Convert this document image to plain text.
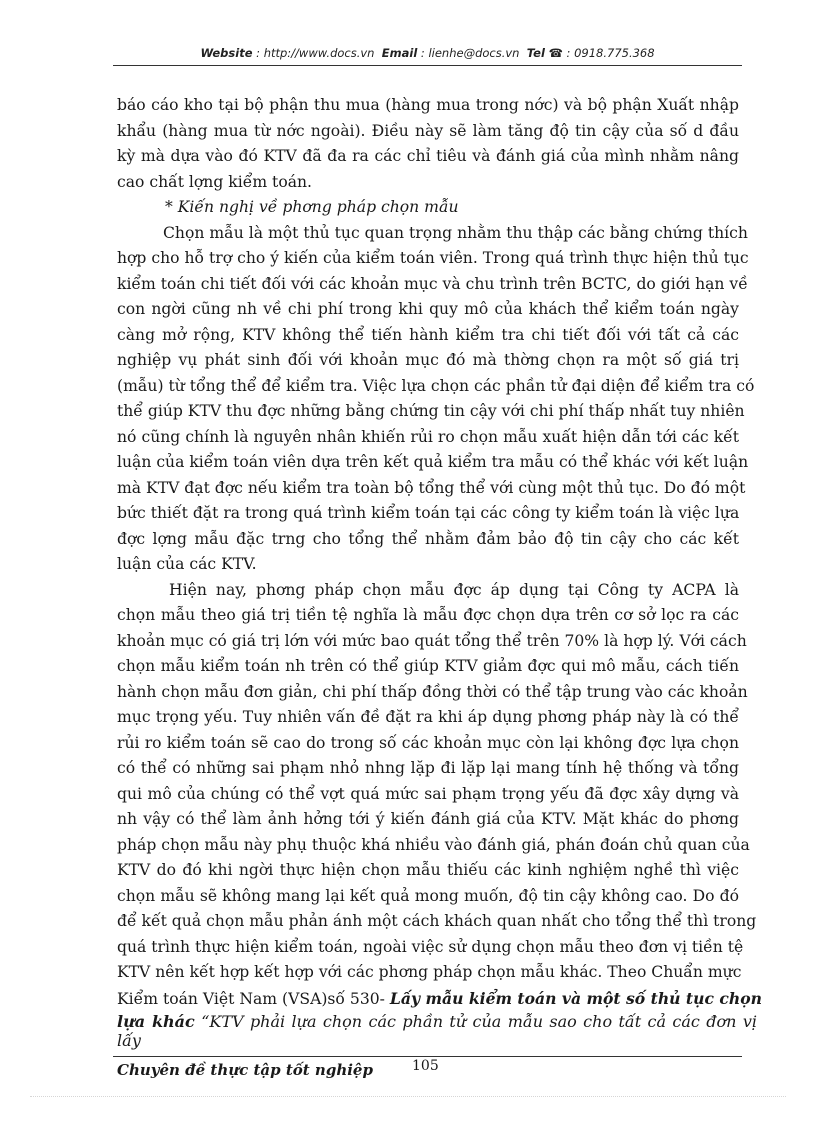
Website : http://www.docs.vn Email : lienhe@docs.vn Tel ☎ : 0918.775.368
báo cáo kho tại bộ phận thu mua (hàng mua trong nớc) và bộ phận Xuất nhập
khẩu (hàng mua từ nớc ngoài). Điều này sẽ làm tăng độ tin cậy của số d đầu
kỳ mà dựa vào đó KTV đã đa ra các chỉ tiêu và đánh giá của mình nhằm nâng
cao chất lợng kiểm toán.
* Kiến nghị về phơng pháp chọn mẫu
Chọn mẫu là một thủ tục quan trọng nhằm thu thập các bằng chứng thích
hợp cho hỗ trợ cho ý kiến của kiểm toán viên. Trong quá trình thực hiện thủ tục
kiểm toán chi tiết đối với các khoản mục và chu trình trên BCTC, do giới hạn về
con ngời cũng nh về chi phí trong khi quy mô của khách thể kiểm toán ngày
càng mở rộng, KTV không thể tiến hành kiểm tra chi tiết đối với tất cả các
nghiệp vụ phát sinh đối với khoản mục đó mà thờng chọn ra một số giá trị
(mẫu) từ tổng thể để kiểm tra. Việc lựa chọn các phần tử đại diện để kiểm tra có
thể giúp KTV thu đợc những bằng chứng tin cậy với chi phí thấp nhất tuy nhiên
nó cũng chính là nguyên nhân khiến rủi ro chọn mẫu xuất hiện dẫn tới các kết
luận của kiểm toán viên dựa trên kết quả kiểm tra mẫu có thể khác với kết luận
mà KTV đạt đợc nếu kiểm tra toàn bộ tổng thể với cùng một thủ tục. Do đó một
bức thiết đặt ra trong quá trình kiểm toán tại các công ty kiểm toán là việc lựa
đợc lợng mẫu đặc trng cho tổng thể nhằm đảm bảo độ tin cậy cho các kết
luận của các KTV.
Hiện nay, phơng pháp chọn mẫu đợc áp dụng tại Công ty ACPA là
chọn mẫu theo giá trị tiền tệ nghĩa là mẫu đợc chọn dựa trên cơ sở lọc ra các
khoản mục có giá trị lớn với mức bao quát tổng thể trên 70% là hợp lý. Với cách
chọn mẫu kiểm toán nh trên có thể giúp KTV giảm đợc qui mô mẫu, cách tiến
hành chọn mẫu đơn giản, chi phí thấp đồng thời có thể tập trung vào các khoản
mục trọng yếu. Tuy nhiên vấn đề đặt ra khi áp dụng phơng pháp này là có thể
rủi ro kiểm toán sẽ cao do trong số các khoản mục còn lại không đợc lựa chọn
có thể có những sai phạm nhỏ nhng lặp đi lặp lại mang tính hệ thống và tổng
qui mô của chúng có thể vợt quá mức sai phạm trọng yếu đã đợc xây dựng và
nh vậy có thể làm ảnh hởng tới ý kiến đánh giá của KTV. Mặt khác do phơng
pháp chọn mẫu này phụ thuộc khá nhiều vào đánh giá, phán đoán chủ quan của
KTV do đó khi ngời thực hiện chọn mẫu thiếu các kinh nghiệm nghề thì việc
chọn mẫu sẽ không mang lại kết quả mong muốn, độ tin cậy không cao. Do đó
để kết quả chọn mẫu phản ánh một cách khách quan nhất cho tổng thể thì trong
quá trình thực hiện kiểm toán, ngoài việc sử dụng chọn mẫu theo đơn vị tiền tệ
KTV nên kết hợp kết hợp với các phơng pháp chọn mẫu khác. Theo Chuẩn mực
Kiểm toán Việt Nam (VSA)số 530- Lấy mẫu kiểm toán và một số thủ tục chọn
lựa khác “KTV phải lựa chọn các phần tử của mẫu sao cho tất cả các đơn vị lấy
Chuyên đề thực tập tốt nghiệp	105
